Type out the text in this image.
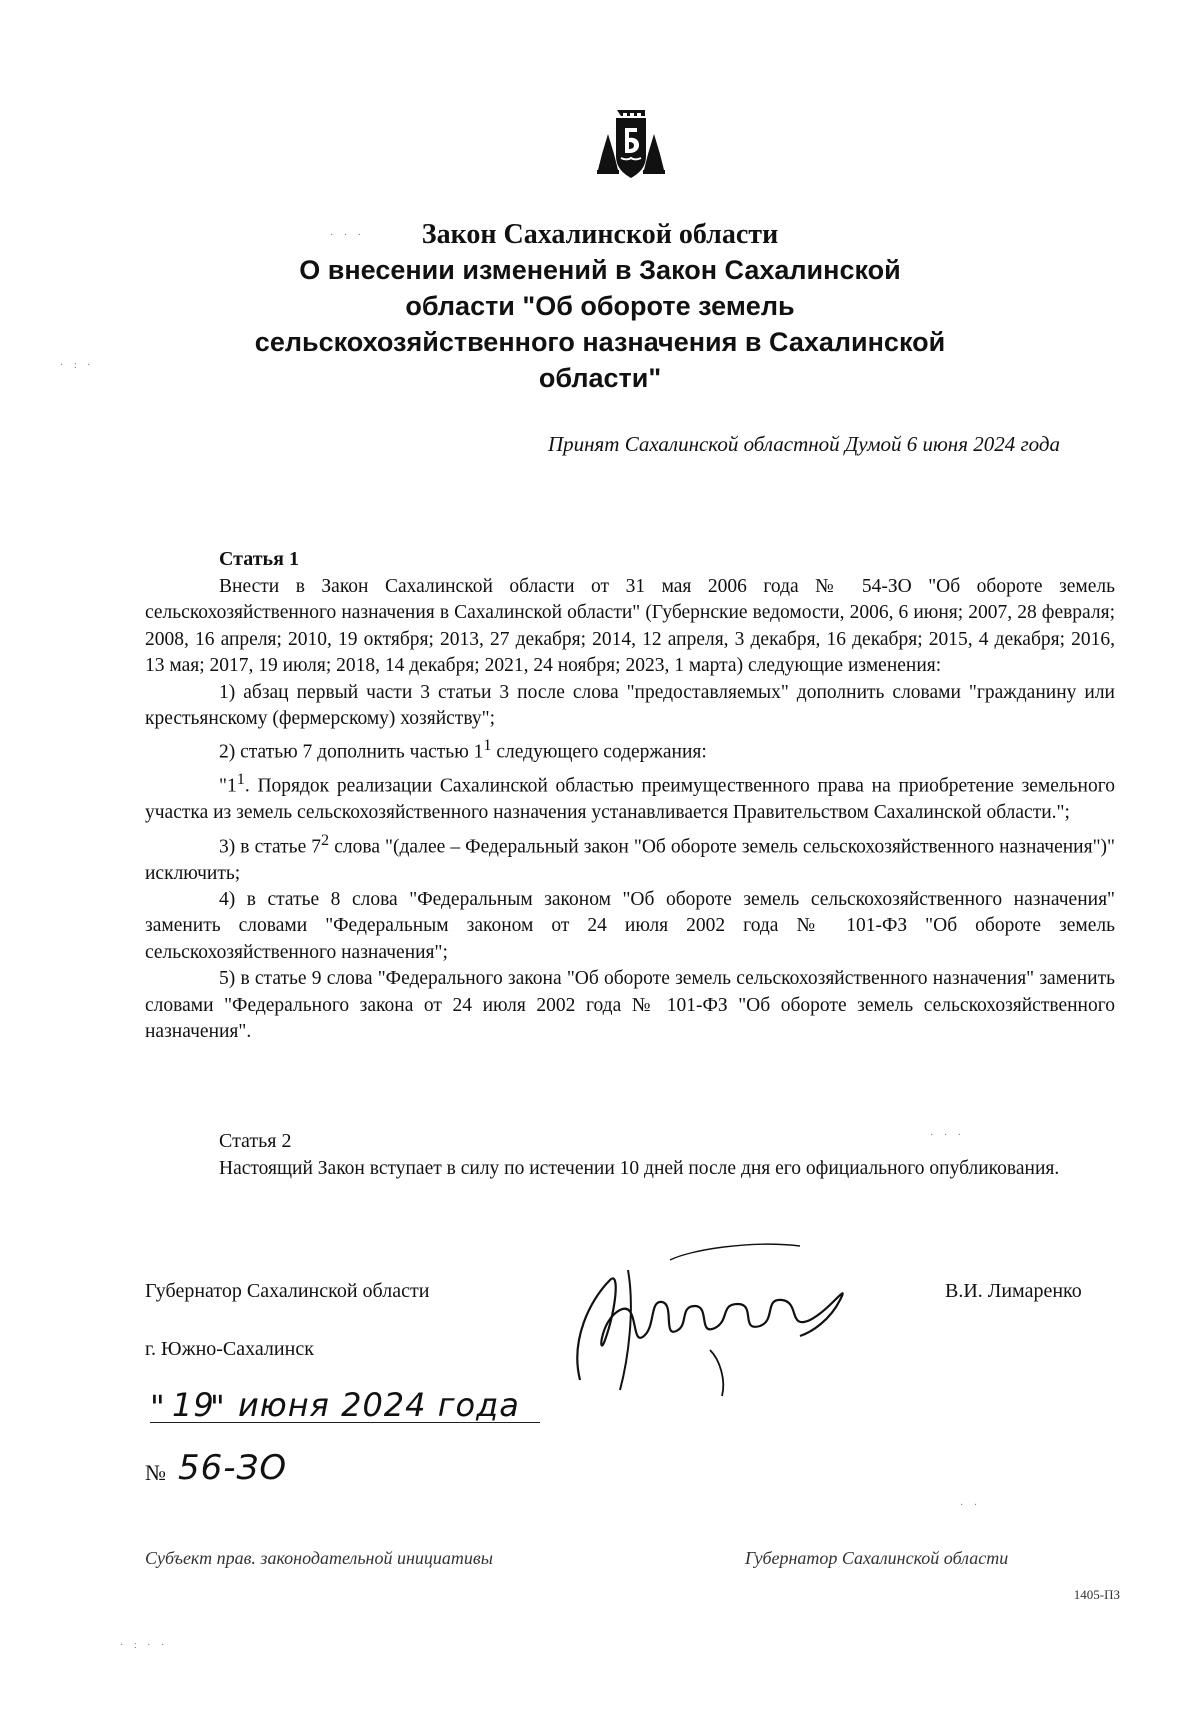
Закон Сахалинской области
О внесении изменений в Закон Сахалинской
области "Об обороте земель
сельскохозяйственного назначения в Сахалинской
области"
Принят Сахалинской областной Думой 6 июня 2024 года
Статья 1

Внести в Закон Сахалинской области от 31 мая 2006 года № 54-ЗО "Об обороте земель сельскохозяйственного назначения в Сахалинской области" (Губернские ведомости, 2006, 6 июня; 2007, 28 февраля; 2008, 16 апреля; 2010, 19 октября; 2013, 27 декабря; 2014, 12 апреля, 3 декабря, 16 декабря; 2015, 4 декабря; 2016, 13 мая; 2017, 19 июля; 2018, 14 декабря; 2021, 24 ноября; 2023, 1 марта) следующие изменения:

1) абзац первый части 3 статьи 3 после слова "предоставляемых" дополнить словами "гражданину или крестьянскому (фермерскому) хозяйству";

2) статью 7 дополнить частью $1^1$ следующего содержания:

"$1^1$. Порядок реализации Сахалинской областью преимущественного права на приобретение земельного участка из земель сельскохозяйственного назначения устанавливается Правительством Сахалинской области.";

3) в статье $7^2$ слова "(далее – Федеральный закон "Об обороте земель сельскохозяйственного назначения")" исключить;

4) в статье 8 слова "Федеральным законом "Об обороте земель сельскохозяйственного назначения" заменить словами "Федеральным законом от 24 июля 2002 года № 101-ФЗ "Об обороте земель сельскохозяйственного назначения";

5) в статье 9 слова "Федерального закона "Об обороте земель сельскохозяйственного назначения" заменить словами "Федерального закона от 24 июля 2002 года № 101-ФЗ "Об обороте земель сельскохозяйственного назначения".

Статья 2

Настоящий Закон вступает в силу по истечении 10 дней после дня его официального опубликования.

Губернатор Сахалинской области	В.И. Лимаренко
г. Южно-Сахалинск
" 19
" июня 2024 года
№ 56-ЗО
Субъект прав. законодательной инициативы	Губернатор Сахалинской области
1405-ПЗ
· · ·
· : ·
· · ·
· : · ·
· ·
